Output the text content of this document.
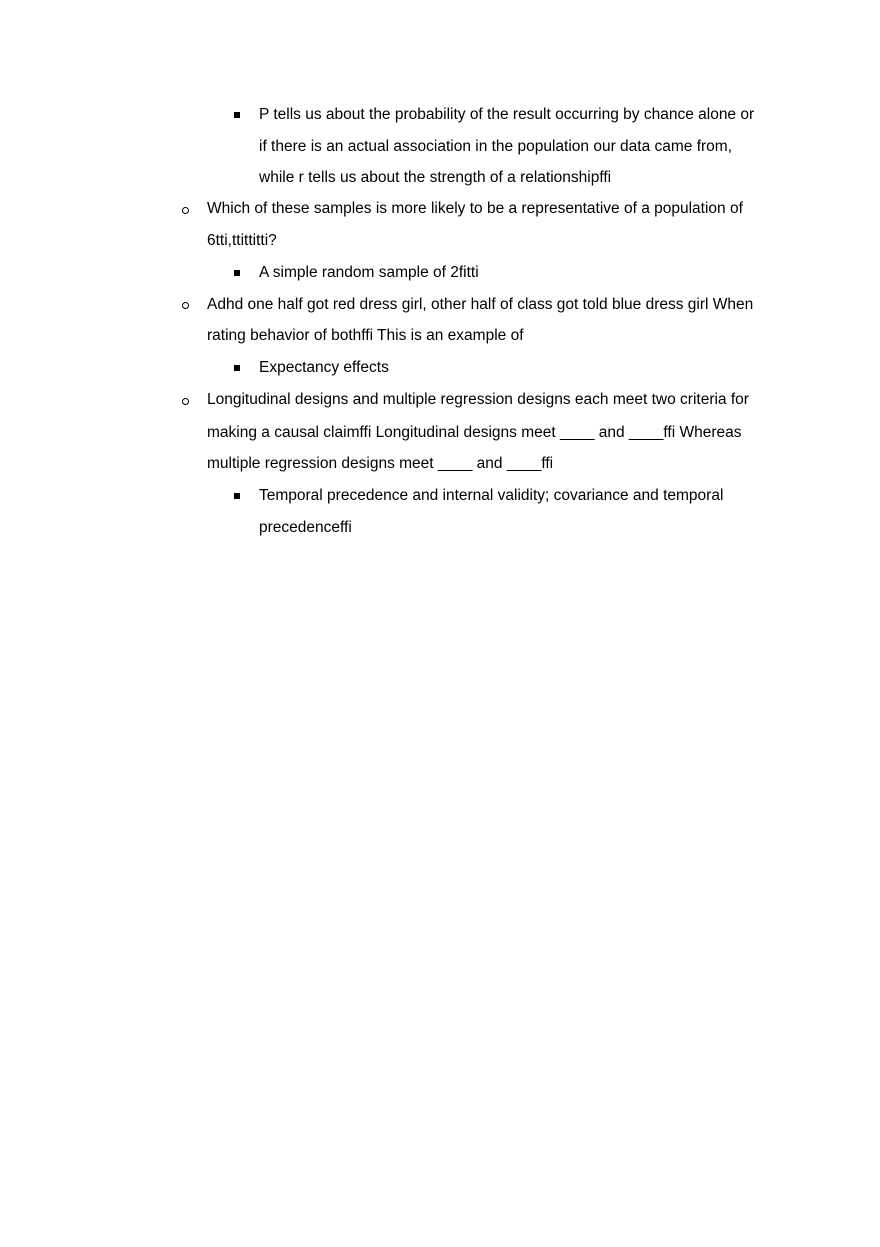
P tells us about the probability of the result occurring by chance alone or
if there is an actual association in the population our data came from,
while r tells us about the strength of a relationshipffi
Which of these samples is more likely to be a representative of a population of
6tti,ttittitti?
A simple random sample of 2fitti
Adhd one half got red dress girl, other half of class got told blue dress girl When
rating behavior of bothffi This is an example of
Expectancy effects
Longitudinal designs and multiple regression designs each meet two criteria for
making a causal claimffi Longitudinal designs meet ____ and ____ffi Whereas
multiple regression designs meet ____ and ____ffi
Temporal precedence and internal validity; covariance and temporal
precedenceffi
